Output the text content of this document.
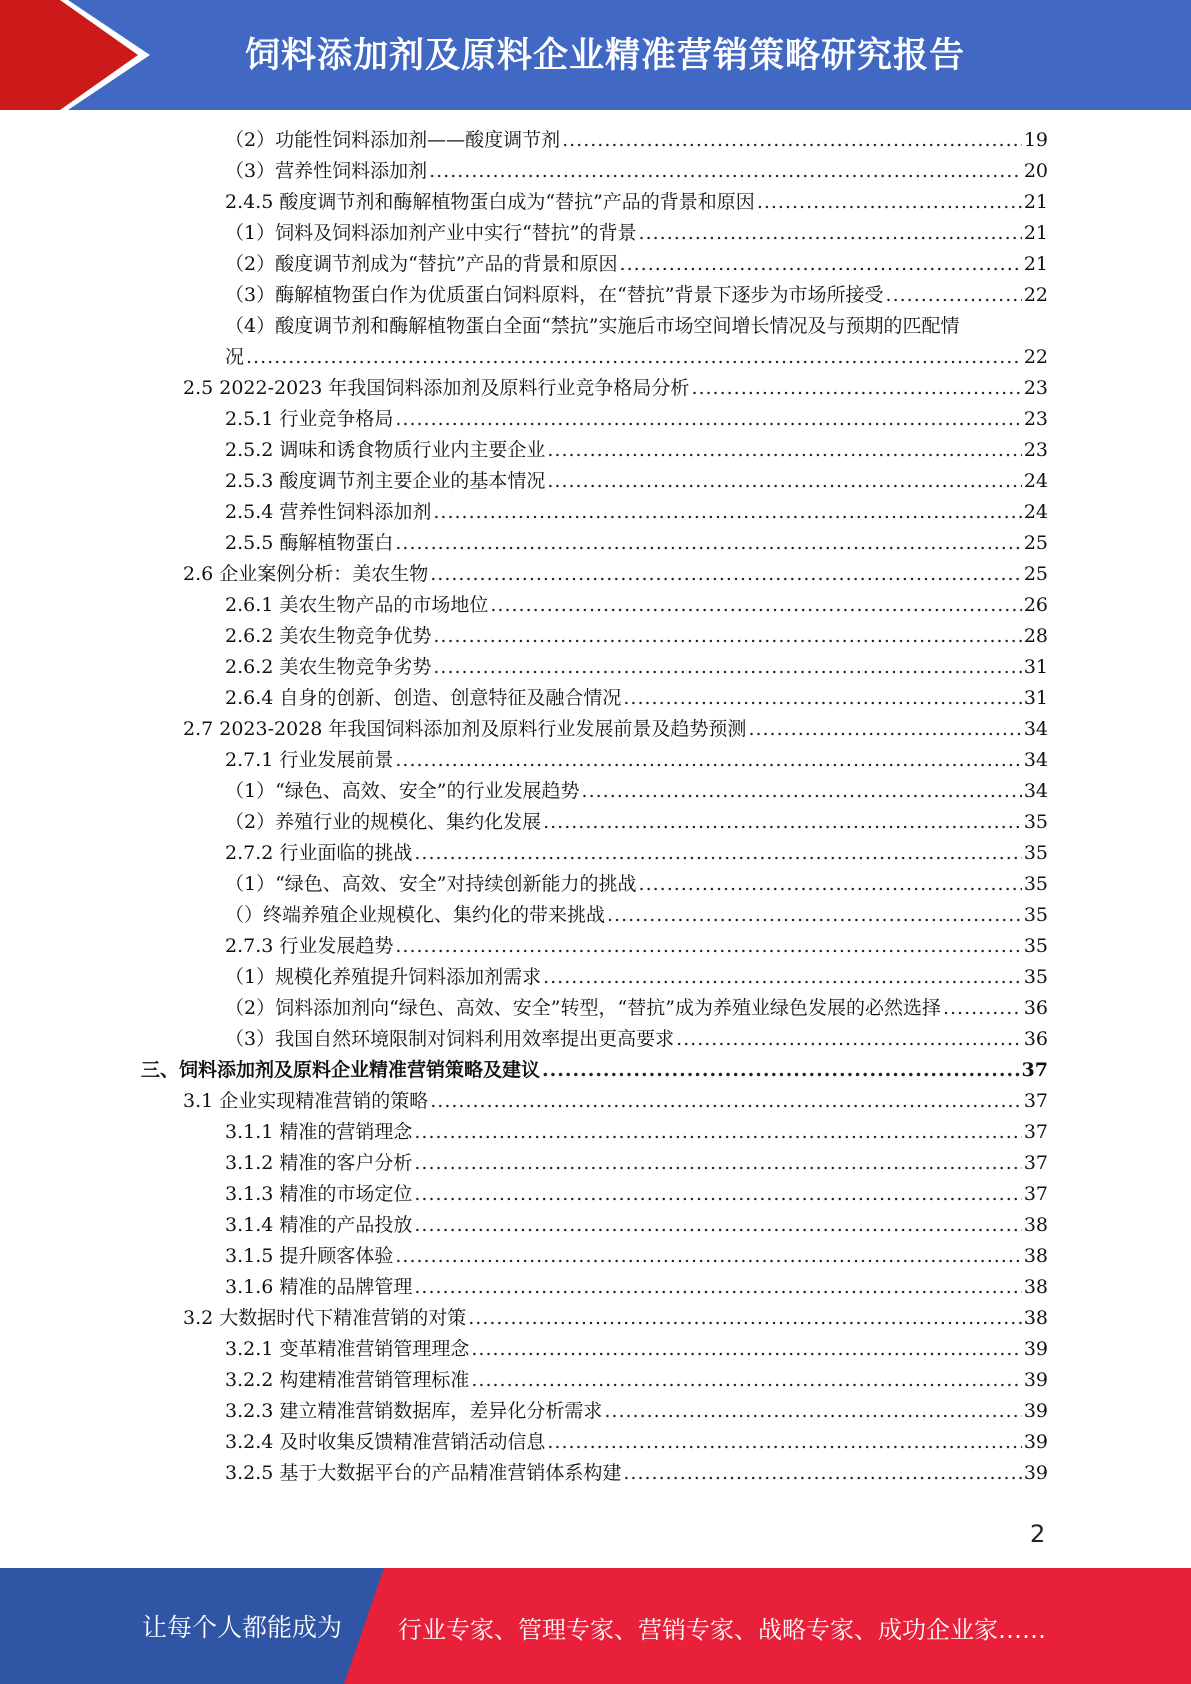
饲料添加剂及原料企业精准营销策略研究报告
（2）功能性饲料添加剂——酸度调节剂 .....	19
（3）营养性饲料添加剂 .....	20
2.4.5 酸度调节剂和酶解植物蛋白成为“替抗”产品的背景和原因 .....	21
（1）饲料及饲料添加剂产业中实行“替抗”的背景 .....	21
（2）酸度调节剂成为“替抗”产品的背景和原因 .....	21
（3）酶解植物蛋白作为优质蛋白饲料原料，在“替抗”背景下逐步为市场所接受 .....	22
（4）酸度调节剂和酶解植物蛋白全面“禁抗”实施后市场空间增长情况及与预期的匹配情
况 .....	22
2.5 2022-2023 年我国饲料添加剂及原料行业竞争格局分析 .....	23
2.5.1 行业竞争格局 .....	23
2.5.2 调味和诱食物质行业内主要企业 .....	23
2.5.3 酸度调节剂主要企业的基本情况 .....	24
2.5.4 营养性饲料添加剂 .....	24
2.5.5 酶解植物蛋白 .....	25
2.6 企业案例分析：美农生物 .....	25
2.6.1 美农生物产品的市场地位 .....	26
2.6.2 美农生物竞争优势 .....	28
2.6.2 美农生物竞争劣势 .....	31
2.6.4 自身的创新、创造、创意特征及融合情况 .....	31
2.7 2023-2028 年我国饲料添加剂及原料行业发展前景及趋势预测 .....	34
2.7.1 行业发展前景 .....	34
（1）“绿色、高效、安全”的行业发展趋势 .....	34
（2）养殖行业的规模化、集约化发展 .....	35
2.7.2 行业面临的挑战 .....	35
（1）“绿色、高效、安全”对持续创新能力的挑战 .....	35
（）终端养殖企业规模化、集约化的带来挑战 .....	35
2.7.3 行业发展趋势 .....	35
（1）规模化养殖提升饲料添加剂需求 .....	35
（2）饲料添加剂向“绿色、高效、安全”转型，“替抗”成为养殖业绿色发展的必然选择 .....	36
（3）我国自然环境限制对饲料利用效率提出更高要求 .....	36
三、饲料添加剂及原料企业精准营销策略及建议 .....	37
3.1 企业实现精准营销的策略 .....	37
3.1.1 精准的营销理念 .....	37
3.1.2 精准的客户分析 .....	37
3.1.3 精准的市场定位 .....	37
3.1.4 精准的产品投放 .....	38
3.1.5 提升顾客体验 .....	38
3.1.6 精准的品牌管理 .....	38
3.2 大数据时代下精准营销的对策 .....	38
3.2.1 变革精准营销管理理念 .....	39
3.2.2 构建精准营销管理标准 .....	39
3.2.3 建立精准营销数据库，差异化分析需求 .....	39
3.2.4 及时收集反馈精准营销活动信息 .....	39
3.2.5 基于大数据平台的产品精准营销体系构建 .....	39
2
让每个人都能成为 行业专家、管理专家、营销专家、战略专家、成功企业家……
